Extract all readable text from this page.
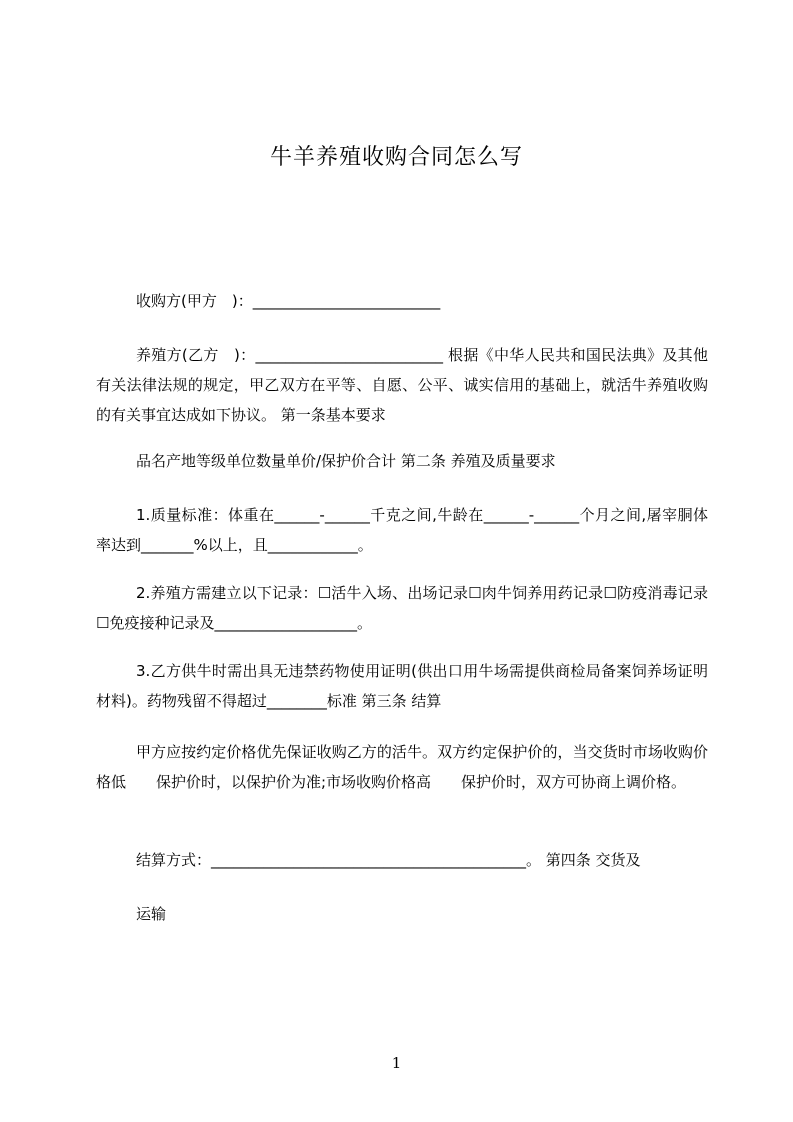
牛羊养殖收购合同怎么写
收购方(甲方　)：_________________________
养殖方(乙方　)：_________________________ 根据《中华人民共和国民法典》及其他有关法律法规的规定，甲乙双方在平等、自愿、公平、诚实信用的基础上，就活牛养殖收购的有关事宜达成如下协议。 第一条基本要求
品名产地等级单位数量单价/保护价合计 第二条 养殖及质量要求
1.质量标准：体重在______-______千克之间,牛龄在______-______个月之间,屠宰胴体率达到_______%以上，且____________。
2.养殖方需建立以下记录：☐活牛入场、出场记录☐肉牛饲养用药记录☐防疫消毒记录☐免疫接种记录及___________________。
3.乙方供牛时需出具无违禁药物使用证明(供出口用牛场需提供商检局备案饲养场证明材料)。药物残留不得超过________标准 第三条 结算
甲方应按约定价格优先保证收购乙方的活牛。双方约定保护价的，当交货时市场收购价格低　　保护价时，以保护价为准;市场收购价格高　　保护价时，双方可协商上调价格。
结算方式：__________________________________________。 第四条 交货及
运输
1
